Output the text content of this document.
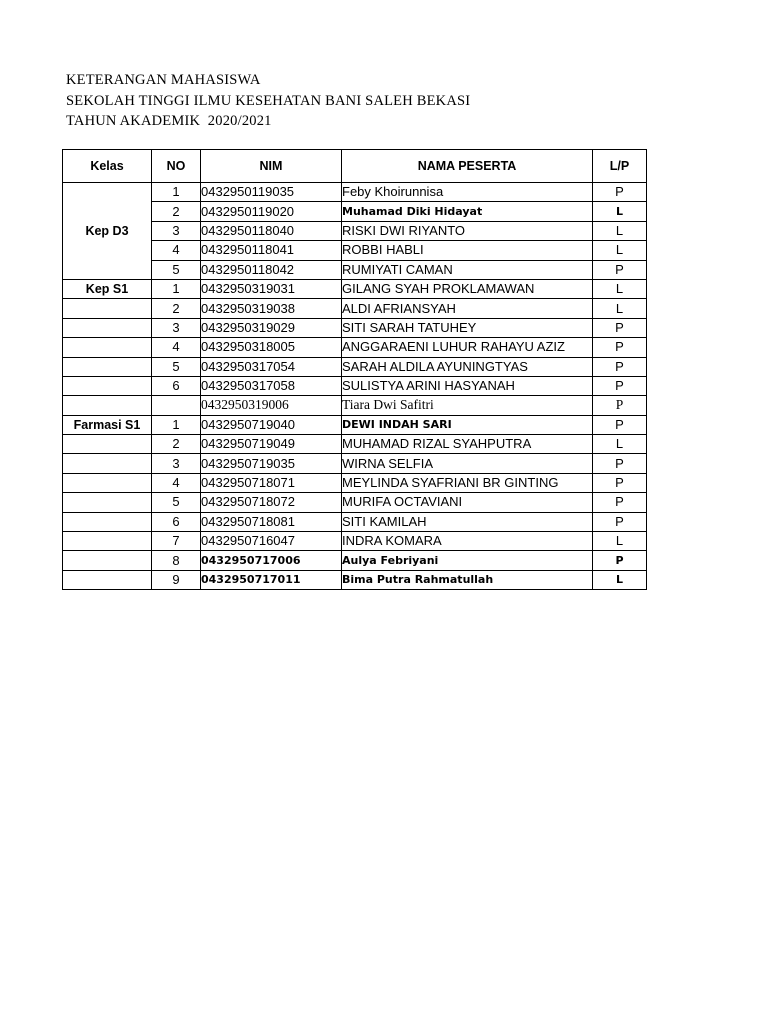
KETERANGAN MAHASISWA
SEKOLAH TINGGI ILMU KESEHATAN BANI SALEH BEKASI
TAHUN AKADEMIK  2020/2021
Kelas	NO	NIM	NAMA PESERTA	L/P
Kep D3	1	0432950119035	Feby Khoirunnisa	P
	2	0432950119020	Muhamad Diki Hidayat	L
	3	0432950118040	RISKI DWI RIYANTO	L
	4	0432950118041	ROBBI HABLI	L
	5	0432950118042	RUMIYATI CAMAN	P
Kep S1	1	0432950319031	GILANG SYAH PROKLAMAWAN	L
	2	0432950319038	ALDI AFRIANSYAH	L
	3	0432950319029	SITI SARAH TATUHEY	P
	4	0432950318005	ANGGARAENI LUHUR RAHAYU AZIZ	P
	5	0432950317054	SARAH ALDILA AYUNINGTYAS	P
	6	0432950317058	SULISTYA ARINI HASYANAH	P
		0432950319006	Tiara Dwi Safitri	P
Farmasi S1	1	0432950719040	DEWI INDAH SARI	P
	2	0432950719049	MUHAMAD RIZAL SYAHPUTRA	L
	3	0432950719035	WIRNA SELFIA	P
	4	0432950718071	MEYLINDA SYAFRIANI BR GINTING	P
	5	0432950718072	MURIFA OCTAVIANI	P
	6	0432950718081	SITI KAMILAH	P
	7	0432950716047	INDRA KOMARA	L
	8	0432950717006	Aulya Febriyani	P
	9	0432950717011	Bima Putra Rahmatullah	L
